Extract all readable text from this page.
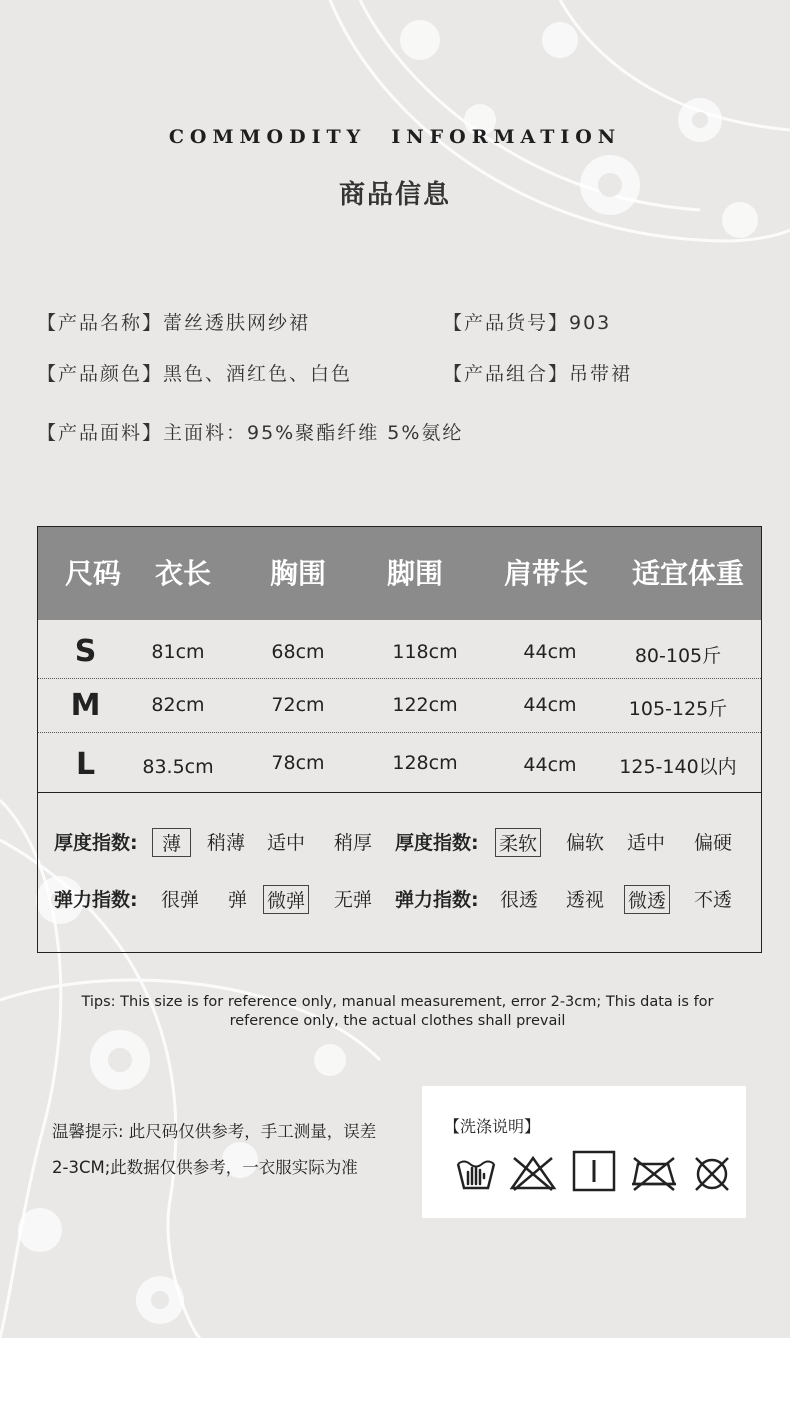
COMMODITY  INFORMATION
商品信息
【产品名称】蕾丝透肤网纱裙	【产品货号】903
【产品颜色】黑色、酒红色、白色	【产品组合】吊带裙
【产品面料】主面料：95%聚酯纤维 5%氨纶
尺码	衣长	胸围	脚围	肩带长	适宜体重
S	81cm	68cm	118cm	44cm	80-105斤
M	82cm	72cm	122cm	44cm	105-125斤
L	83.5cm	78cm	128cm	44cm	125-140以内
厚度指数:	薄	稍薄 适中 稍厚 厚度指数: 柔软 偏软 适中 偏硬
弹力指数: 很弹 弹 微弹 无弹 弹力指数: 很透 透视 微透 不透
Tips: This size is for reference only, manual measurement, error 2-3cm; This data is for reference only, the actual clothes shall prevail
温馨提示: 此尺码仅供参考，手工测量，误差2-3CM;此数据仅供参考，一衣服实际为准
【洗涤说明】
